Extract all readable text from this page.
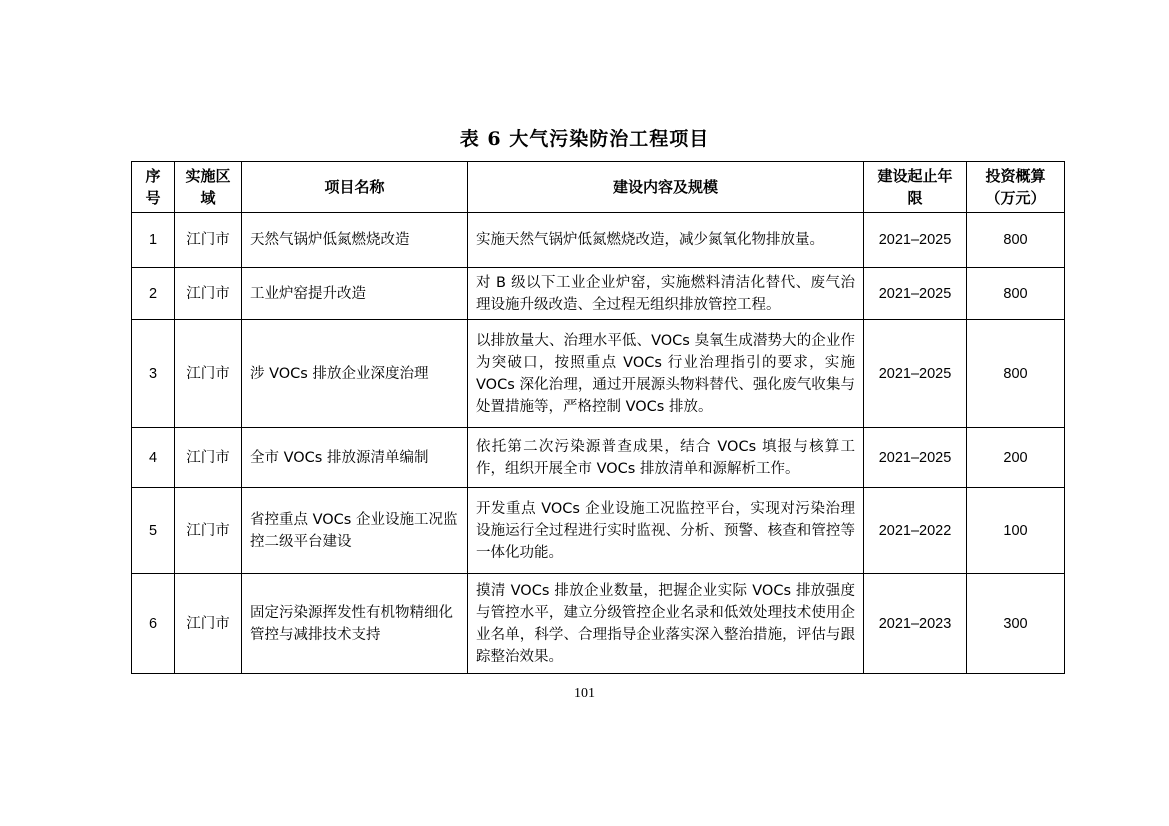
表 6 大气污染防治工程项目
序号	实施区域	项目名称	建设内容及规模	建设起止年限	投资概算（万元）
1	江门市	天然气锅炉低氮燃烧改造	实施天然气锅炉低氮燃烧改造，减少氮氧化物排放量。	2021–2025	800
2	江门市	工业炉窑提升改造	对 B 级以下工业企业炉窑，实施燃料清洁化替代、废气治理设施升级改造、全过程无组织排放管控工程。	2021–2025	800
3	江门市	涉 VOCs 排放企业深度治理	以排放量大、治理水平低、VOCs 臭氧生成潜势大的企业作为突破口，按照重点 VOCs 行业治理指引的要求，实施 VOCs 深化治理，通过开展源头物料替代、强化废气收集与处置措施等，严格控制 VOCs 排放。	2021–2025	800
4	江门市	全市 VOCs 排放源清单编制	依托第二次污染源普查成果，结合 VOCs 填报与核算工作，组织开展全市 VOCs 排放清单和源解析工作。	2021–2025	200
5	江门市	省控重点 VOCs 企业设施工况监控二级平台建设	开发重点 VOCs 企业设施工况监控平台，实现对污染治理设施运行全过程进行实时监视、分析、预警、核查和管控等一体化功能。	2021–2022	100
6	江门市	固定污染源挥发性有机物精细化管控与减排技术支持	摸清 VOCs 排放企业数量，把握企业实际 VOCs 排放强度与管控水平，建立分级管控企业名录和低效处理技术使用企业名单，科学、合理指导企业落实深入整治措施，评估与跟踪整治效果。	2021–2023	300
101
